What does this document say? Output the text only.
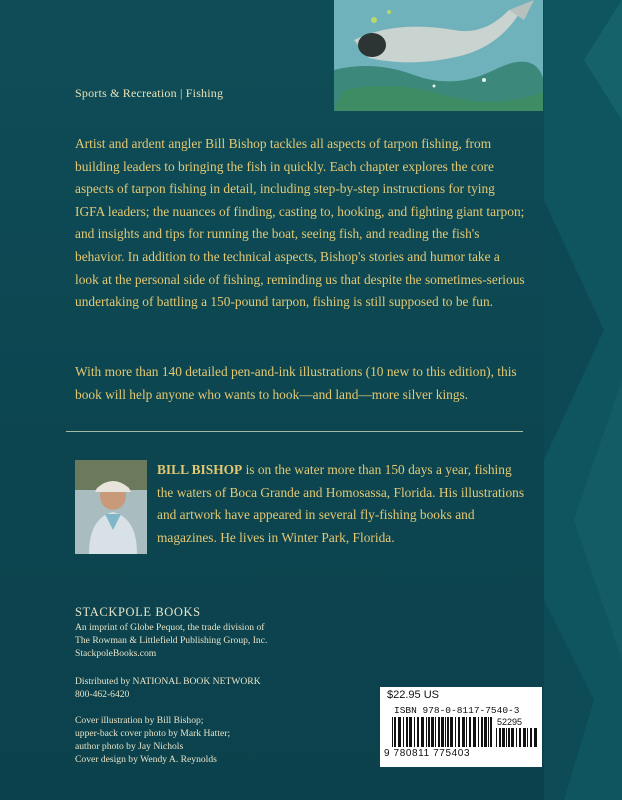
Sports & Recreation | Fishing

Artist and ardent angler Bill Bishop tackles all aspects of tarpon fishing, from building leaders to bringing the fish in quickly. Each chapter explores the core aspects of tarpon fishing in detail, including step-by-step instructions for tying IGFA leaders; the nuances of finding, casting to, hooking, and fighting giant tarpon; and insights and tips for running the boat, seeing fish, and reading the fish's behavior. In addition to the technical aspects, Bishop's stories and humor take a look at the personal side of fishing, reminding us that despite the sometimes-serious undertaking of battling a 150-pound tarpon, fishing is still supposed to be fun.

With more than 140 detailed pen-and-ink illustrations (10 new to this edition), this book will help anyone who wants to hook—and land—more silver kings.

BILL BISHOP is on the water more than 150 days a year, fishing the waters of Boca Grande and Homosassa, Florida. His illustrations and artwork have appeared in several fly-fishing books and magazines. He lives in Winter Park, Florida.

STACKPOLE BOOKS
An imprint of Globe Pequot, the trade division of
The Rowman & Littlefield Publishing Group, Inc.
StackpoleBooks.com
Distributed by NATIONAL BOOK NETWORK
800-462-6420
Cover illustration by Bill Bishop;
upper-back cover photo by Mark Hatter;
author photo by Jay Nichols
Cover design by Wendy A. Reynolds
$22.95 US
ISBN 978-0-8117-7540-3
52295
9 780811 775403
